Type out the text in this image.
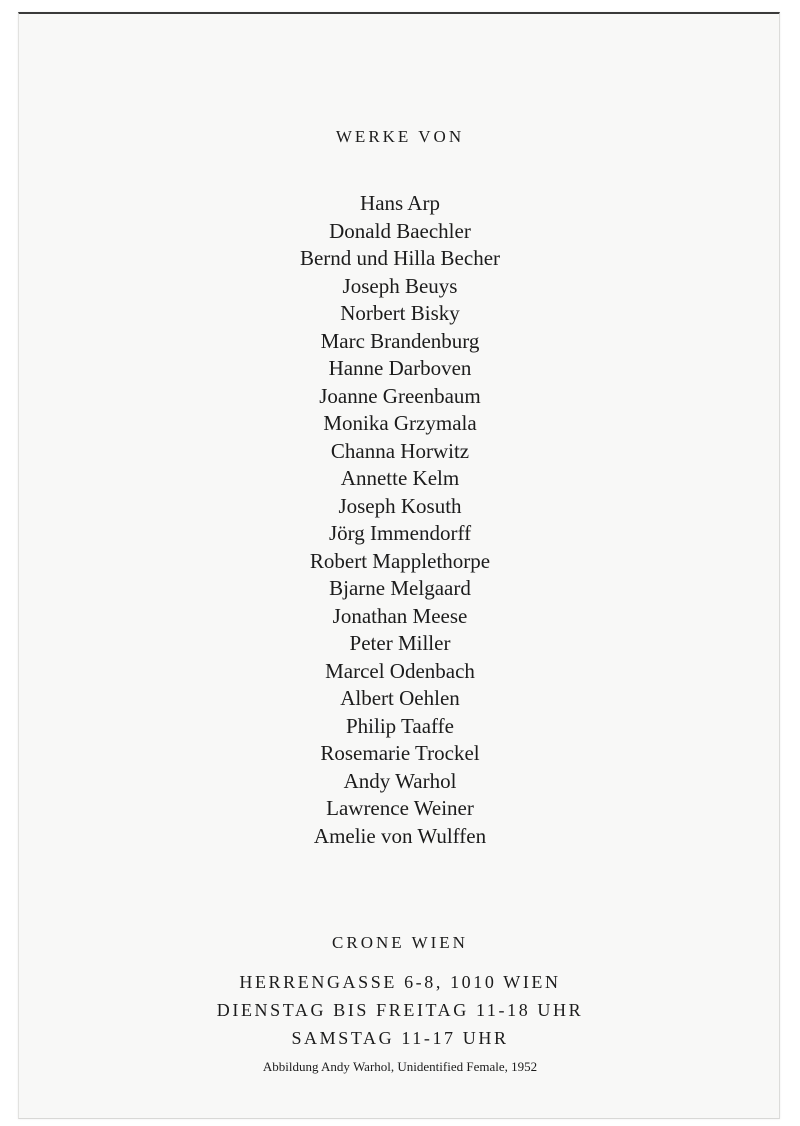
WERKE VON
Hans Arp
Donald Baechler
Bernd und Hilla Becher
Joseph Beuys
Norbert Bisky
Marc Brandenburg
Hanne Darboven
Joanne Greenbaum
Monika Grzymala
Channa Horwitz
Annette Kelm
Joseph Kosuth
Jörg Immendorff
Robert Mapplethorpe
Bjarne Melgaard
Jonathan Meese
Peter Miller
Marcel Odenbach
Albert Oehlen
Philip Taaffe
Rosemarie Trockel
Andy Warhol
Lawrence Weiner
Amelie von Wulffen
CRONE WIEN
HERRENGASSE 6-8, 1010 WIEN
DIENSTAG BIS FREITAG 11-18 UHR
SAMSTAG 11-17 UHR
Abbildung Andy Warhol, Unidentified Female, 1952
